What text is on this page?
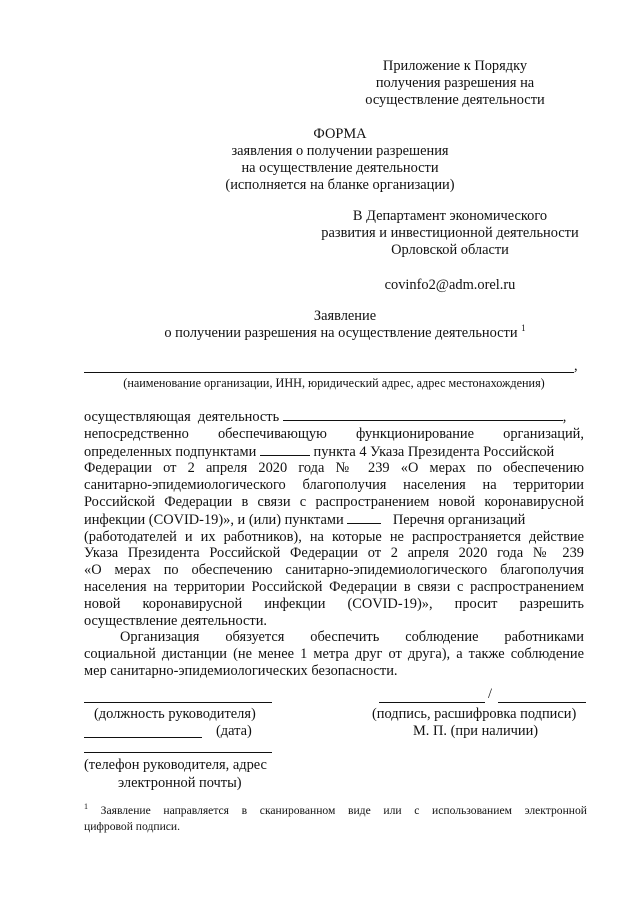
Приложение к Порядку
получения разрешения на
осуществление деятельности
ФОРМА
заявления о получении разрешения
на осуществление деятельности
(исполняется на бланке организации)
В Департамент экономического
развития и инвестиционной деятельности
Орловской области
covinfo2@adm.orel.ru
Заявление
о получении разрешения на осуществление деятельности $^1$
,
(наименование организации, ИНН, юридический адрес, адрес местонахождения)
осуществляющая  деятельность	,
непосредственно обеспечивающую функционирование организаций,
определенных подпунктами	пункта 4 Указа Президента Российской
Федерации от 2 апреля 2020 года № 239 «О мерах по обеспечению
санитарно-эпидемиологического благополучия населения на территории
Российской Федерации в связи с распространением новой коронавирусной
инфекции (COVID-19)», и (или) пунктами	Перечня организаций
(работодателей и их работников), на которые не распространяется действие
Указа Президента Российской Федерации от 2 апреля 2020 года № 239
«О мерах по обеспечению санитарно-эпидемиологического благополучия
населения на территории Российской Федерации в связи с распространением
новой коронавирусной инфекции (COVID-19)», просит разрешить
осуществление деятельности.
Организация обязуется обеспечить соблюдение работниками
социальной дистанции (не менее 1 метра друг от друга), а также соблюдение
мер санитарно-эпидемиологических безопасности.
(должность руководителя)
(дата)
/
(подпись, расшифровка подписи)
М. П. (при наличии)
(телефон руководителя, адрес
электронной почты)
$^1$ Заявление направляется в сканированном виде или с использованием электронной
цифровой подписи.
